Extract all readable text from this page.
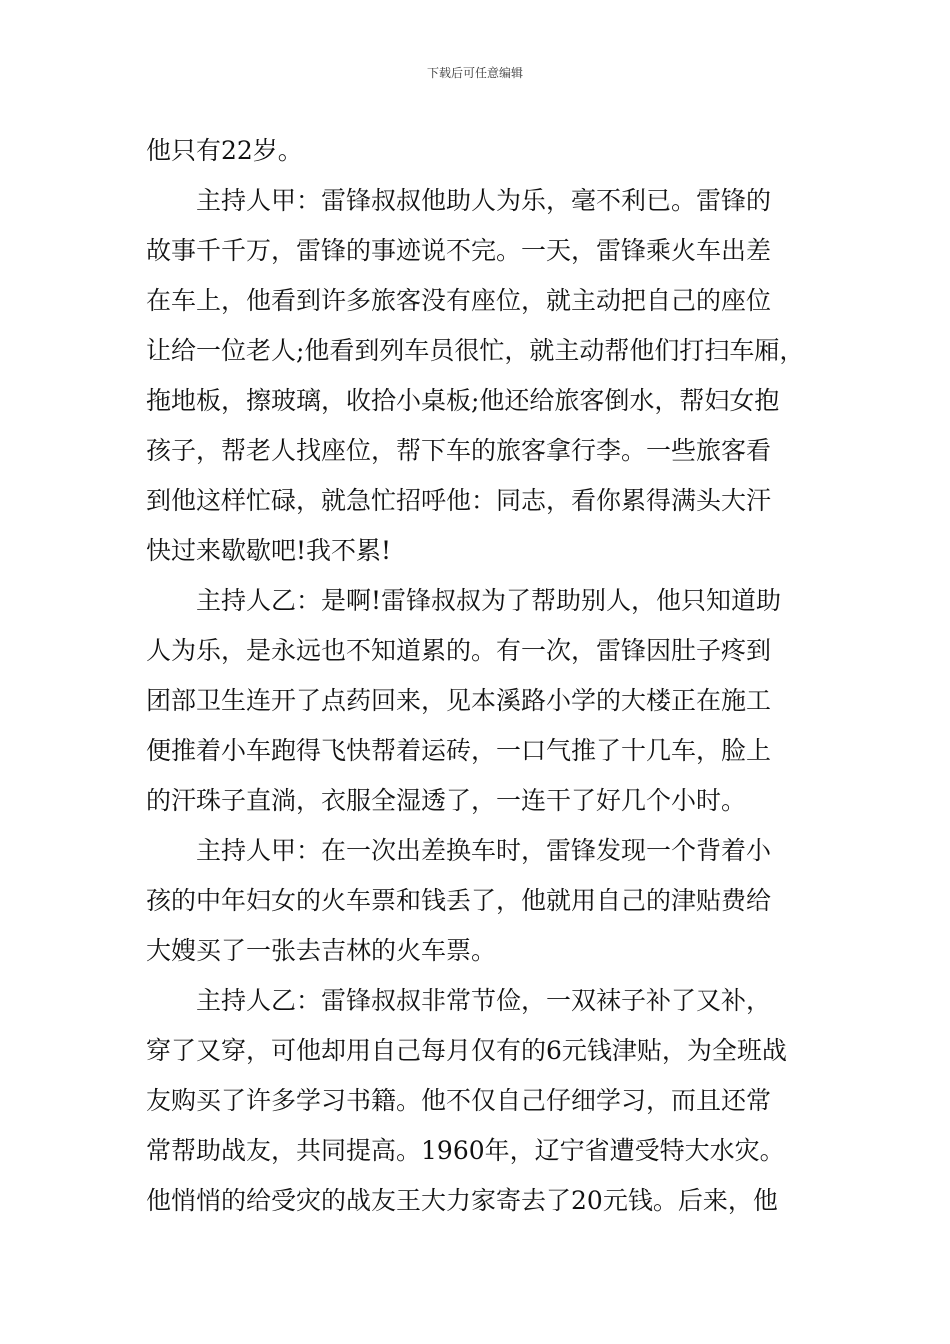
下载后可任意编辑
他只有22岁。
主持人甲：雷锋叔叔他助人为乐，毫不利已。雷锋的
故事千千万，雷锋的事迹说不完。一天，雷锋乘火车出差
在车上，他看到许多旅客没有座位，就主动把自己的座位
让给一位老人;他看到列车员很忙，就主动帮他们打扫车厢，
拖地板，擦玻璃，收拾小桌板;他还给旅客倒水，帮妇女抱
孩子，帮老人找座位，帮下车的旅客拿行李。一些旅客看
到他这样忙碌，就急忙招呼他：同志，看你累得满头大汗
快过来歇歇吧!我不累!
主持人乙：是啊!雷锋叔叔为了帮助别人，他只知道助
人为乐，是永远也不知道累的。有一次，雷锋因肚子疼到
团部卫生连开了点药回来，见本溪路小学的大楼正在施工
便推着小车跑得飞快帮着运砖，一口气推了十几车，脸上
的汗珠子直淌，衣服全湿透了，一连干了好几个小时。
主持人甲：在一次出差换车时，雷锋发现一个背着小
孩的中年妇女的火车票和钱丢了，他就用自己的津贴费给
大嫂买了一张去吉林的火车票。
主持人乙：雷锋叔叔非常节俭，一双袜子补了又补，
穿了又穿，可他却用自己每月仅有的6元钱津贴，为全班战
友购买了许多学习书籍。他不仅自己仔细学习，而且还常
常帮助战友，共同提高。1960年，辽宁省遭受特大水灾。
他悄悄的给受灾的战友王大力家寄去了20元钱。后来，他
